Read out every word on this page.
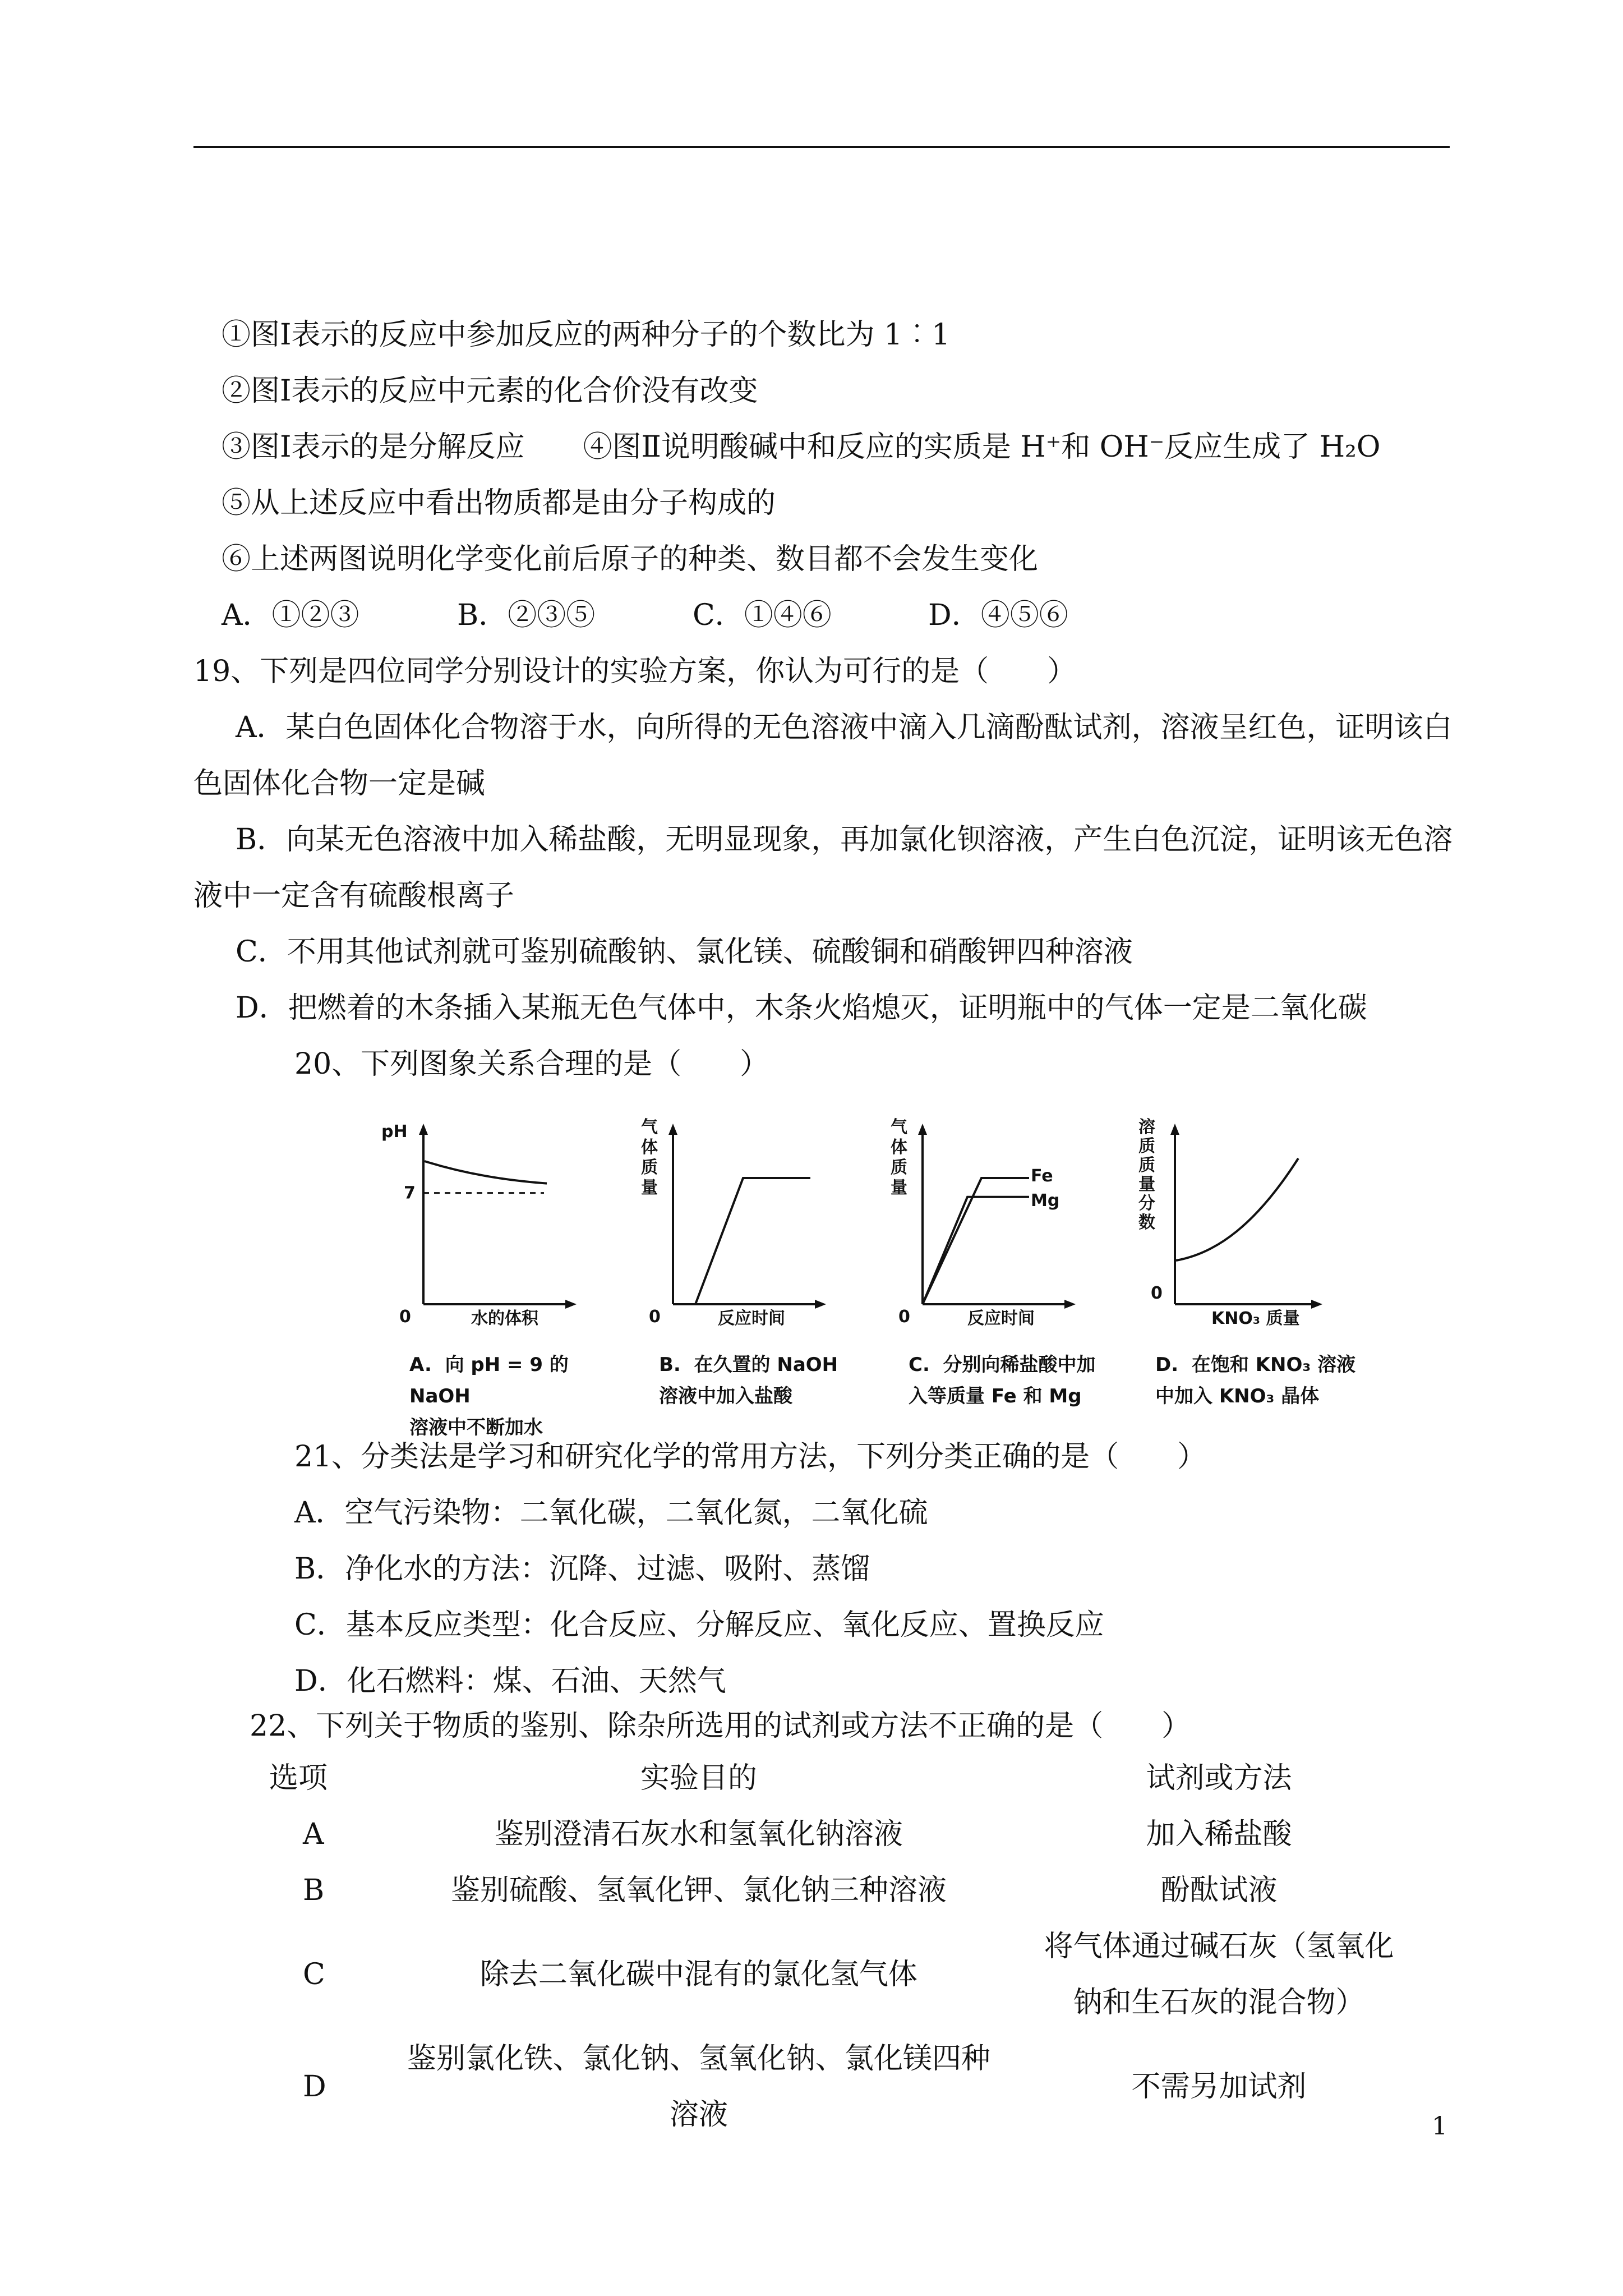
①图Ⅰ表示的反应中参加反应的两种分子的个数比为 1︰1
②图Ⅰ表示的反应中元素的化合价没有改变
③图Ⅰ表示的是分解反应　　④图Ⅱ说明酸碱中和反应的实质是 H⁺和 OH⁻反应生成了 H₂O
⑤从上述反应中看出物质都是由分子构成的
⑥上述两图说明化学变化前后原子的种类、数目都不会发生变化
A．①②③	B．②③⑤	C．①④⑥	D．④⑤⑥
19、下列是四位同学分别设计的实验方案，你认为可行的是（　　）
A．某白色固体化合物溶于水，向所得的无色溶液中滴入几滴酚酞试剂，溶液呈红色，证明该白
色固体化合物一定是碱
B．向某无色溶液中加入稀盐酸，无明显现象，再加氯化钡溶液，产生白色沉淀，证明该无色溶
液中一定含有硫酸根离子
C．不用其他试剂就可鉴别硫酸钠、氯化镁、硫酸铜和硝酸钾四种溶液
D．把燃着的木条插入某瓶无色气体中，木条火焰熄灭，证明瓶中的气体一定是二氧化碳
20、下列图象关系合理的是（　　）
pH
7
0	水的体积
A. 向 pH = 9 的 NaOH
溶液中不断加水
气
体
质
量
0	反应时间
B. 在久置的 NaOH
溶液中加入盐酸
气
体
质
量
Fe
Mg
0	反应时间
C. 分别向稀盐酸中加
入等质量 Fe 和 Mg
溶
质
质
量
分
数
0
KNO₃ 质量
D. 在饱和 KNO₃ 溶液
中加入 KNO₃ 晶体
21、分类法是学习和研究化学的常用方法，下列分类正确的是（　　）
A．空气污染物：二氧化碳，二氧化氮，二氧化硫
B．净化水的方法：沉降、过滤、吸附、蒸馏
C．基本反应类型：化合反应、分解反应、氧化反应、置换反应
D．化石燃料：煤、石油、天然气
22、下列关于物质的鉴别、除杂所选用的试剂或方法不正确的是（　　）
选项	实验目的	试剂或方法
A	鉴别澄清石灰水和氢氧化钠溶液	加入稀盐酸
B	鉴别硫酸、氢氧化钾、氯化钠三种溶液	酚酞试液
C	除去二氧化碳中混有的氯化氢气体	将气体通过碱石灰（氢氧化
钠和生石灰的混合物）

D	鉴别氯化铁、氯化钠、氢氧化钠、氯化镁四种溶液	不需另加试剂
1
